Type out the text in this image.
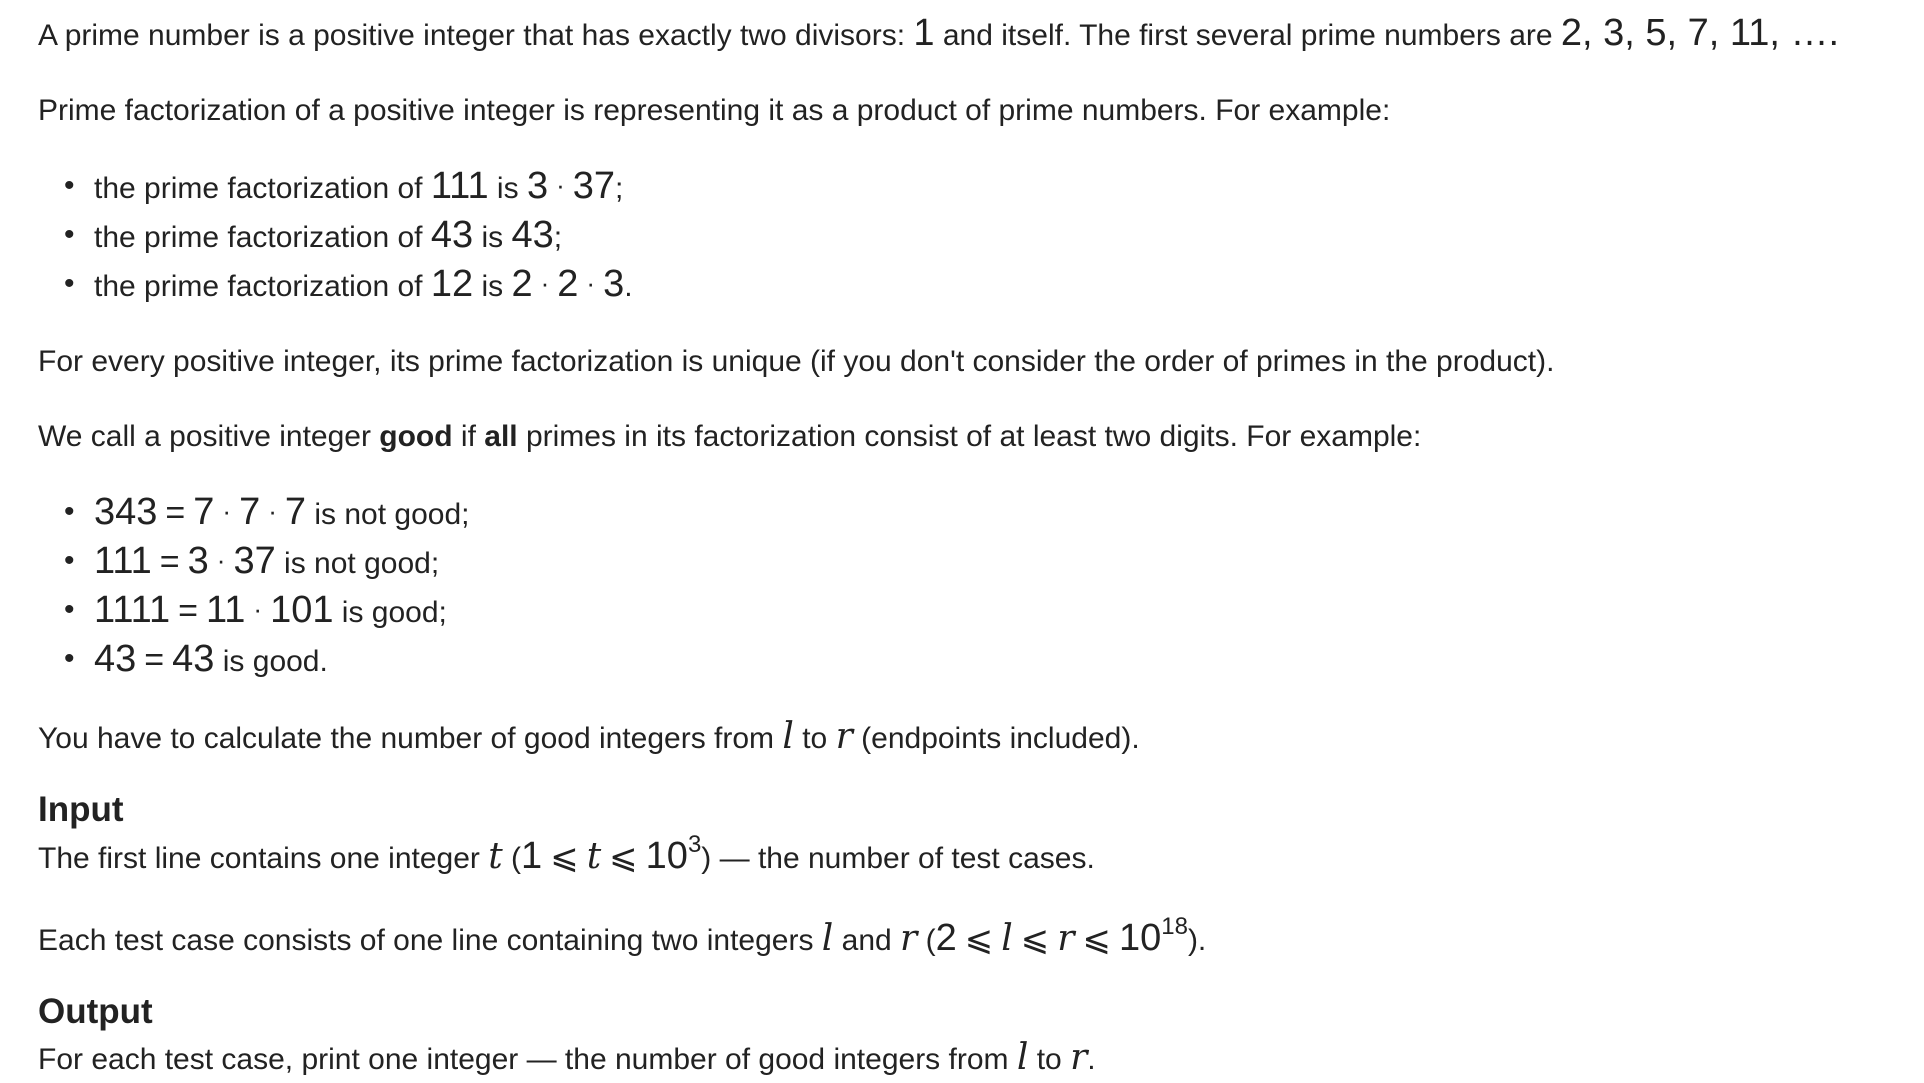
A prime number is a positive integer that has exactly two divisors: 1 and itself. The first several prime numbers are 2, 3, 5, 7, 11, ….

Prime factorization of a positive integer is representing it as a product of prime numbers. For example:

• the prime factorization of 111 is 3 · 37;
• the prime factorization of 43 is 43;
• the prime factorization of 12 is 2 · 2 · 3.

For every positive integer, its prime factorization is unique (if you don't consider the order of primes in the product).

We call a positive integer good if all primes in its factorization consist of at least two digits. For example:

• 343 = 7 · 7 · 7 is not good;
• 111 = 3 · 37 is not good;
• 1111 = 11 · 101 is good;
• 43 = 43 is good.

You have to calculate the number of good integers from l to r (endpoints included).

Input

The first line contains one integer t (1 ⩽ t ⩽ $10^3$) — the number of test cases.

Each test case consists of one line containing two integers l and r (2 ⩽ l ⩽ r ⩽ $10^{18}$).

Output

For each test case, print one integer — the number of good integers from l to r.
